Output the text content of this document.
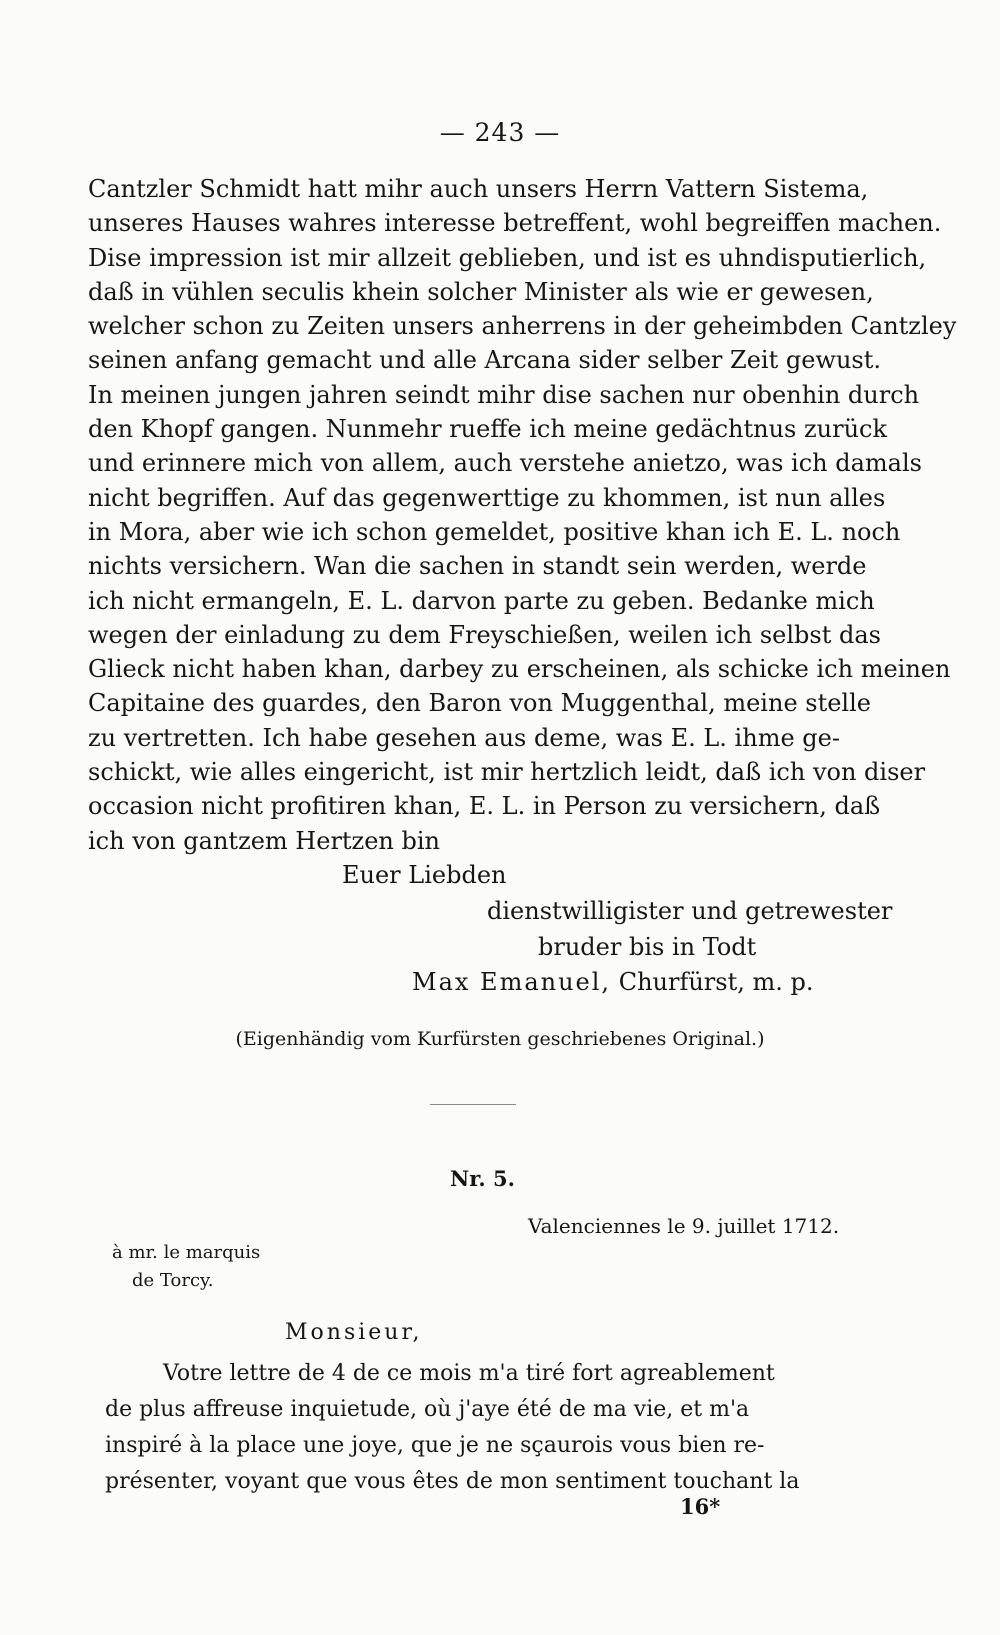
— 243 —
Cantzler Schmidt hatt mihr auch unsers Herrn Vattern Sistema,
unseres Hauses wahres interesse betreffent, wohl begreiffen machen.
Dise impression ist mir allzeit geblieben, und ist es uhndisputierlich,
daß in vühlen seculis khein solcher Minister als wie er gewesen,
welcher schon zu Zeiten unsers anherrens in der geheimbden Cantzley
seinen anfang gemacht und alle Arcana sider selber Zeit gewust.
In meinen jungen jahren seindt mihr dise sachen nur obenhin durch
den Khopf gangen. Nunmehr rueffe ich meine gedächtnus zurück
und erinnere mich von allem, auch verstehe anietzo, was ich damals
nicht begriffen. Auf das gegenwerttige zu khommen, ist nun alles
in Mora, aber wie ich schon gemeldet, positive khan ich E. L. noch
nichts versichern. Wan die sachen in standt sein werden, werde
ich nicht ermangeln, E. L. darvon parte zu geben. Bedanke mich
wegen der einladung zu dem Freyschießen, weilen ich selbst das
Glieck nicht haben khan, darbey zu erscheinen, als schicke ich meinen
Capitaine des guardes, den Baron von Muggenthal, meine stelle
zu vertretten. Ich habe gesehen aus deme, was E. L. ihme ge-
schickt, wie alles eingericht, ist mir hertzlich leidt, daß ich von diser
occasion nicht profitiren khan, E. L. in Person zu versichern, daß
ich von gantzem Hertzen bin
Euer Liebden
dienstwilligister und getrewester
bruder bis in Todt
Max Emanuel, Churfürst, m. p.
(Eigenhändig vom Kurfürsten geschriebenes Original.)
Nr. 5.
Valenciennes le 9. juillet 1712.
à mr. le marquis
de Torcy.
Monsieur,
Votre lettre de 4 de ce mois m'a tiré fort agreablement
de plus affreuse inquietude, où j'aye été de ma vie, et m'a
inspiré à la place une joye, que je ne sçaurois vous bien re-
présenter, voyant que vous êtes de mon sentiment touchant la
16*
